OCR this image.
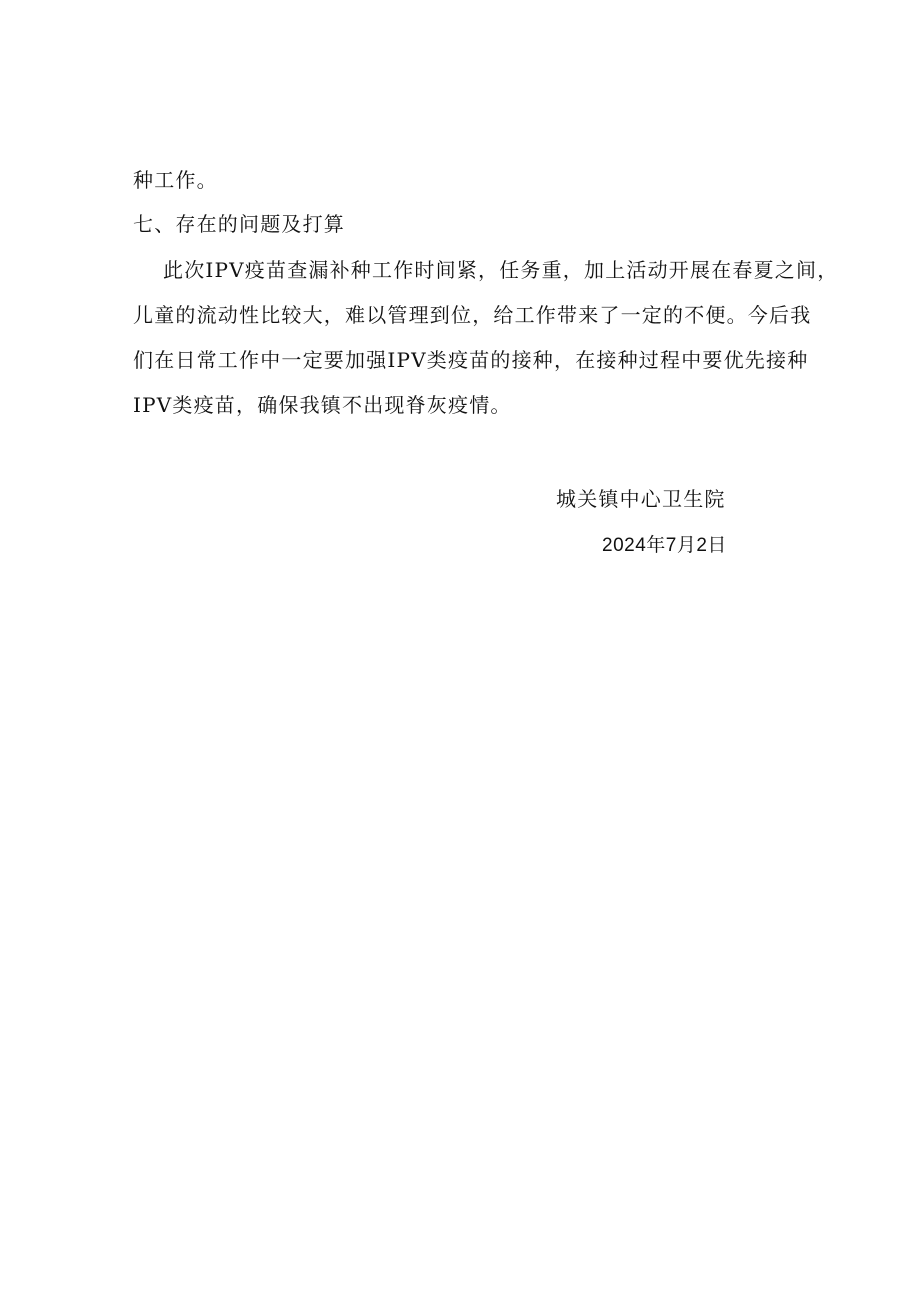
种工作。
七、存在的问题及打算
此次IPV疫苗查漏补种工作时间紧，任务重，加上活动开展在春夏之间，
儿童的流动性比较大，难以管理到位，给工作带来了一定的不便。今后我
们在日常工作中一定要加强IPV类疫苗的接种，在接种过程中要优先接种
IPV类疫苗，确保我镇不出现脊灰疫情。
城关镇中心卫生院
2024年7月2日
